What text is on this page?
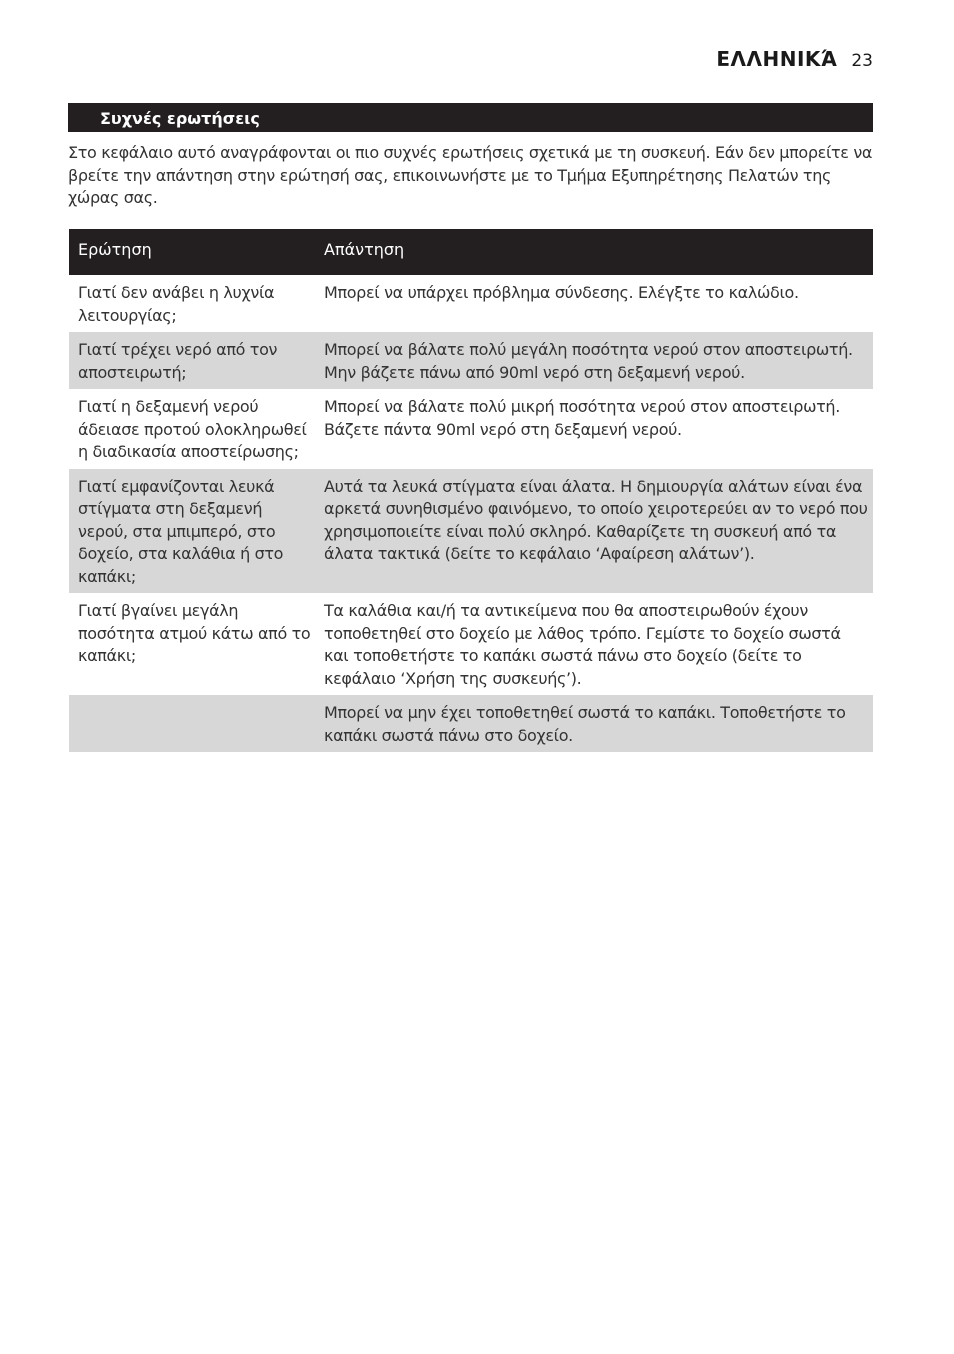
ΕΛΛΗΝΙΚΆ 23
Συχνές ερωτήσεις

Στο κεφάλαιο αυτό αναγράφονται οι πιο συχνές ερωτήσεις σχετικά με τη συσκευή. Εάν δεν μπορείτε να βρείτε την απάντηση στην ερώτησή σας, επικοινωνήστε με το Τμήμα Εξυπηρέτησης Πελατών της χώρας σας.

Ερώτηση	Απάντηση
Γιατί δεν ανάβει η λυχνία λειτουργίας;	Μπορεί να υπάρχει πρόβλημα σύνδεσης. Ελέγξτε το καλώδιο.
Γιατί τρέχει νερό από τον αποστειρωτή;	Μπορεί να βάλατε πολύ μεγάλη ποσότητα νερού στον αποστειρωτή. Μην βάζετε πάνω από 90ml νερό στη δεξαμενή νερού.
Γιατί η δεξαμενή νερού άδειασε προτού ολοκληρωθεί η διαδικασία αποστείρωσης;	Μπορεί να βάλατε πολύ μικρή ποσότητα νερού στον αποστειρωτή. Βάζετε πάντα 90ml νερό στη δεξαμενή νερού.
Γιατί εμφανίζονται λευκά στίγματα στη δεξαμενή νερού, στα μπιμπερό, στο δοχείο, στα καλάθια ή στο καπάκι;	Αυτά τα λευκά στίγματα είναι άλατα. Η δημιουργία αλάτων είναι ένα αρκετά συνηθισμένο φαινόμενο, το οποίο χειροτερεύει αν το νερό που χρησιμοποιείτε είναι πολύ σκληρό. Καθαρίζετε τη συσκευή από τα άλατα τακτικά (δείτε το κεφάλαιο ‘Αφαίρεση αλάτων’).
Γιατί βγαίνει μεγάλη ποσότητα ατμού κάτω από το καπάκι;	Τα καλάθια και/ή τα αντικείμενα που θα αποστειρωθούν έχουν τοποθετηθεί στο δοχείο με λάθος τρόπο. Γεμίστε το δοχείο σωστά και τοποθετήστε το καπάκι σωστά πάνω στο δοχείο (δείτε το κεφάλαιο ‘Χρήση της συσκευής’).
	Μπορεί να μην έχει τοποθετηθεί σωστά το καπάκι. Τοποθετήστε το καπάκι σωστά πάνω στο δοχείο.
